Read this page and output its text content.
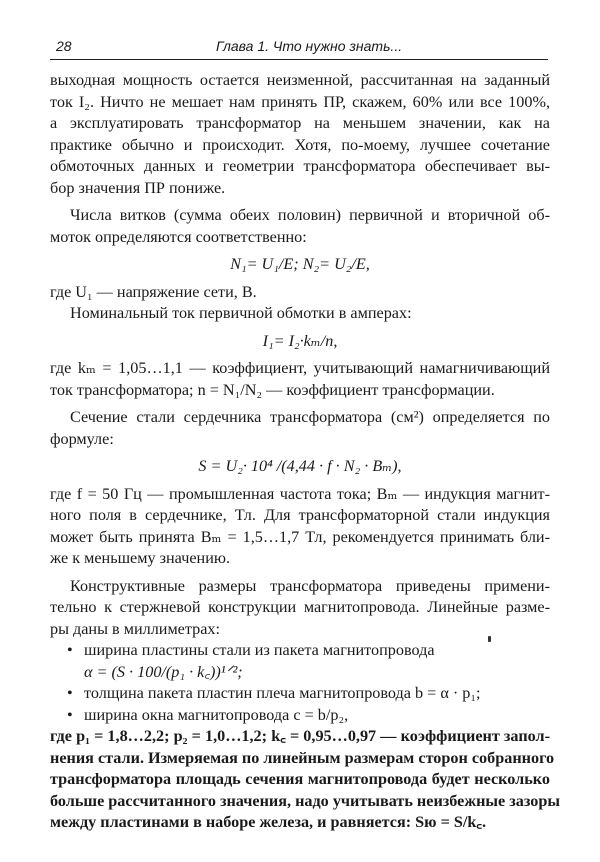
28	Глава 1. Что нужно знать...

выходная мощность остается неизменной, рассчитанная на заданный
ток I₂. Ничто не мешает нам принять ПР, скажем, 60% или все 100%,
а эксплуатировать трансформатор на меньшем значении, как на
практике обычно и происходит. Хотя, по-моему, лучшее сочетание
обмоточных данных и геометрии трансформатора обеспечивает вы-
бор значения ПР пониже.

Числа витков (сумма обеих половин) первичной и вторичной об-
моток определяются соответственно:

N₁= U₁/E; N₂= U₂/E,

где U₁ — напряжение сети, В.

Номинальный ток первичной обмотки в амперах:

I₁= I₂·kₘ/n,

где kₘ = 1,05…1,1 — коэффициент, учитывающий намагничивающий
ток трансформатора; n = N₁/N₂ — коэффициент трансформации.

Сечение стали сердечника трансформатора (см²) определяется по
формуле:

S = U₂· 10⁴ /(4,44 · f · N₂ · Bₘ),

где f = 50 Гц — промышленная частота тока; Bₘ — индукция магнит-
ного поля в сердечнике, Тл. Для трансформаторной стали индукция
может быть принята Bₘ = 1,5…1,7 Тл, рекомендуется принимать бли-
же к меньшему значению.

Конструктивные размеры трансформатора приведены примени-
тельно к стержневой конструкции магнитопровода. Линейные разме-
ры даны в миллиметрах:

• ширина пластины стали из пакета магнитопровода
α = (S · 100/(p₁ · k꜀))¹ᐟ²;
• толщина пакета пластин плеча магнитопровода b = α · p₁;
• ширина окна магнитопровода c = b/p₂,

где p₁ = 1,8…2,2; p₂ = 1,0…1,2; k꜀ = 0,95…0,97 — коэффициент запол-
нения стали. Измеряемая по линейным размерам сторон собранного
трансформатора площадь сечения магнитопровода будет несколько
больше рассчитанного значения, надо учитывать неизбежные зазоры
между пластинами в наборе железа, и равняется: Sю = S/k꜀.
